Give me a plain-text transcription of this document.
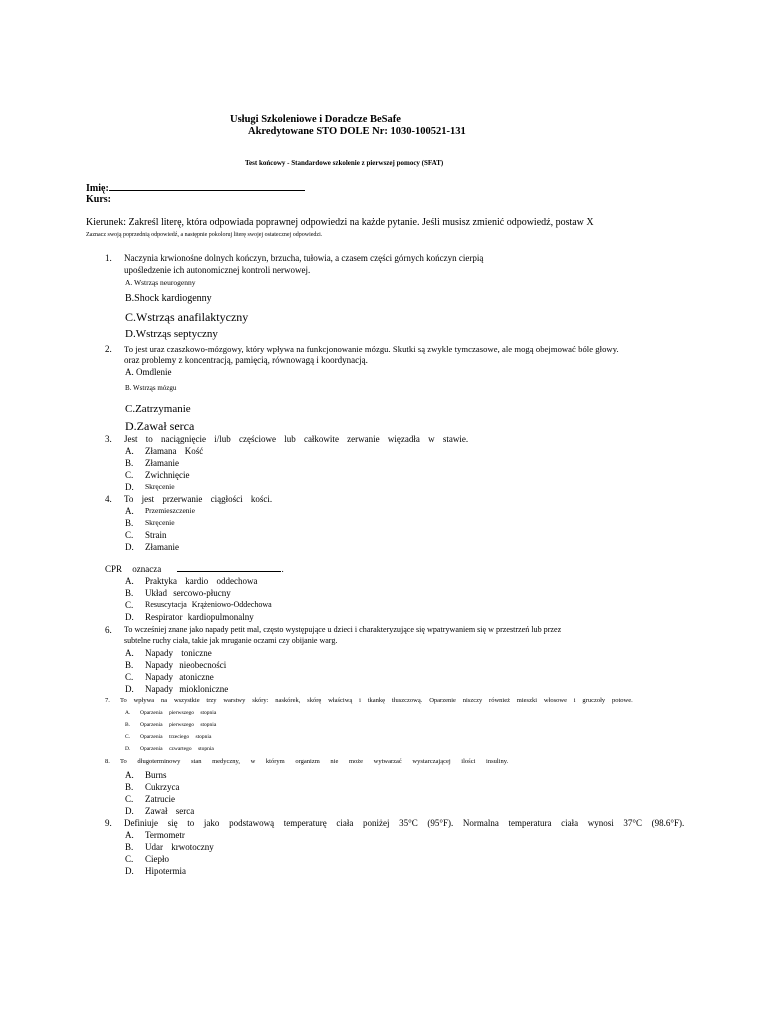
Usługi Szkoleniowe i Doradcze BeSafe
Akredytowane STO DOLE Nr: 1030-100521-131
Test końcowy - Standardowe szkolenie z pierwszej pomocy (SFAT)
Imię:
Kurs:
Kierunek: Zakreśl literę, która odpowiada poprawnej odpowiedzi na każde pytanie. Jeśli musisz zmienić odpowiedź, postaw X
Zaznacz swoją poprzednią odpowiedź, a następnie pokoloruj literę swojej ostatecznej odpowiedzi.
1. Naczynia krwionośne dolnych kończyn, brzucha, tułowia, a czasem części górnych kończyn cierpią
upośledzenie ich autonomicznej kontroli nerwowej.
A. Wstrząs neurogenny
B.Shock kardiogenny
C.Wstrząs anafilaktyczny
D.Wstrząs septyczny
2. To jest uraz czaszkowo-mózgowy, który wpływa na funkcjonowanie mózgu. Skutki są zwykle tymczasowe, ale mogą obejmować bóle głowy.
oraz problemy z koncentracją, pamięcią, równowagą i koordynacją.
A. Omdlenie
B. Wstrząs mózgu
C.Zatrzymanie
D.Zawał serca
3. Jest to naciągnięcie i/lub częściowe lub całkowite zerwanie więzadła w stawie.
A. Złamana Kość
B. Złamanie
C. Zwichnięcie
D. Skręcenie
4. To jest przerwanie ciągłości kości.
A. Przemieszczenie
B. Skręcenie
C. Strain
D. Złamanie
CPR oznacza	.
A. Praktyka kardio oddechowa
B. Układ sercowo-płucny
C. Resuscytacja Krążeniowo-Oddechowa
D. Respirator kardiopulmonalny
6. To wcześniej znane jako napady petit mal, często występujące u dzieci i charakteryzujące się wpatrywaniem się w przestrzeń lub przez
subtelne ruchy ciała, takie jak mruganie oczami czy obijanie warg.
A. Napady toniczne
B. Napady nieobecności
C. Napady atoniczne
D. Napady miokloniczne
7. To wpływa na wszystkie trzy warstwy skóry: naskórek, skórę właściwą i tkankę tłuszczową. Oparzenie niszczy również mieszki włosowe i gruczoły potowe.
A. Oparzenia pierwszego stopnia
B. Oparzenia pierwszego stopnia
C. Oparzenia trzeciego stopnia
D. Oparzenia czwartego stopnia
8. To długoterminowy stan medyczny, w którym organizm nie może wytwarzać wystarczającej ilości insuliny.
A. Burns
B. Cukrzyca
C. Zatrucie
D. Zawał serca
9. Definiuje się to jako podstawową temperaturę ciała poniżej 35°C (95°F). Normalna temperatura ciała wynosi 37°C (98.6°F).
A. Termometr
B. Udar krwotoczny
C. Ciepło
D. Hipotermia
